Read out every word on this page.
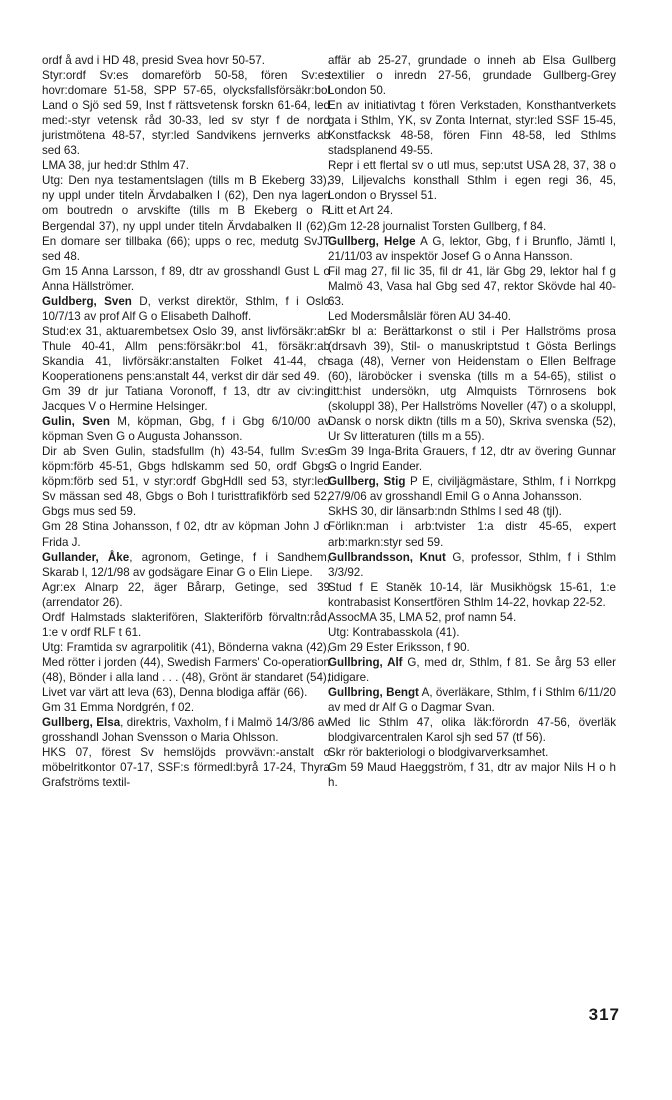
ordf å avd i HD 48, presid Svea hovr 50-57.

Styr:ordf Sv:es domareförb 50-58, fören Sv:es hovr:domare 51-58, SPP 57-65, olycksfallsförsäkr:bol Land o Sjö sed 59, Inst f rättsvetensk forskn 61-64, led med:-styr vetensk råd 30-33, led sv styr f de nord juristmötena 48-57, styr:led Sandvikens jernverks ab sed 63.

LMA 38, jur hed:dr Sthlm 47.

Utg: Den nya testamentslagen (tills m B Ekeberg 33), ny uppl under titeln Ärvdabalken I (62), Den nya lagen om boutredn o arvskifte (tills m B Ekeberg o R Bergendal 37), ny uppl under titeln Ärvdabalken II (62), En domare ser tillbaka (66); upps o rec, medutg SvJT sed 48.

Gm 15 Anna Larsson, f 89, dtr av grosshandl Gust L o Anna Hällströmer.

Guldberg, Sven D, verkst direktör, Sthlm, f i Oslo 10/7/13 av prof Alf G o Elisabeth Dalhoff.

Stud:ex 31, aktuarembetsex Oslo 39, anst livförsäkr:ab Thule 40-41, Allm pens:försäkr:bol 41, försäkr:ab Skandia 41, livförsäkr:anstalten Folket 41-44, ch Kooperationens pens:anstalt 44, verkst dir där sed 49.

Gm 39 dr jur Tatiana Voronoff, f 13, dtr av civ:ing Jacques V o Hermine Helsinger.

Gulin, Sven M, köpman, Gbg, f i Gbg 6/10/00 av köpman Sven G o Augusta Johansson.

Dir ab Sven Gulin, stadsfullm (h) 43-54, fullm Sv:es köpm:förb 45-51, Gbgs hdlskamm sed 50, ordf Gbgs köpm:förb sed 51, v styr:ordf GbgHdll sed 53, styr:led Sv mässan sed 48, Gbgs o Boh l turisttrafikförb sed 52, Gbgs mus sed 59.

Gm 28 Stina Johansson, f 02, dtr av köpman John J o Frida J.

Gullander, Åke, agronom, Getinge, f i Sandhem, Skarab l, 12/1/98 av godsägare Einar G o Elin Liepe.

Agr:ex Alnarp 22, äger Bårarp, Getinge, sed 39 (arrendator 26).

Ordf Halmstads slakterifören, Slakteriförb förvaltn:råd, 1:e v ordf RLF t 61.

Utg: Framtida sv agrarpolitik (41), Bönderna vakna (42), Med rötter i jorden (44), Swedish Farmers' Co-operation (48), Bönder i alla land . . . (48), Grönt är standaret (54), Livet var värt att leva (63), Denna blodiga affär (66).

Gm 31 Emma Nordgrén, f 02.

Gullberg, Elsa, direktris, Vaxholm, f i Malmö 14/3/86 av grosshandl Johan Svensson o Maria Ohlsson.

HKS 07, förest Sv hemslöjds provvävn:-anstalt o möbelritkontor 07-17, SSF:s förmedl:byrå 17-24, Thyra Grafströms textil-

affär ab 25-27, grundade o inneh ab Elsa Gullberg textilier o inredn 27-56, grundade Gullberg-Grey London 50.

En av initiativtag t fören Verkstaden, Konsthantverkets gata i Sthlm, YK, sv Zonta Internat, styr:led SSF 15-45, Konstfacksk 48-58, fören Finn 48-58, led Sthlms stadsplanend 49-55.

Repr i ett flertal sv o utl mus, sep:utst USA 28, 37, 38 o 39, Liljevalchs konsthall Sthlm i egen regi 36, 45, London o Bryssel 51.

Litt et Art 24.

Gm 12-28 journalist Torsten Gullberg, f 84.

Gullberg, Helge A G, lektor, Gbg, f i Brunflo, Jämtl l, 21/11/03 av inspektör Josef G o Anna Hansson.

Fil mag 27, fil lic 35, fil dr 41, lär Gbg 29, lektor hal f g Malmö 43, Vasa hal Gbg sed 47, rektor Skövde hal 40-63.

Led Modersmålslär fören AU 34-40.

Skr bl a: Berättarkonst o stil i Per Hallströms prosa (drsavh 39), Stil- o manuskriptstud t Gösta Berlings saga (48), Verner von Heidenstam o Ellen Belfrage (60), läroböcker i svenska (tills m a 54-65), stilist o litt:hist undersökn, utg Almquists Törnrosens bok (skoluppl 38), Per Hallströms Noveller (47) o a skoluppl, Dansk o norsk diktn (tills m a 50), Skriva svenska (52), Ur Sv litteraturen (tills m a 55).

Gm 39 Inga-Brita Grauers, f 12, dtr av övering Gunnar G o Ingrid Eander.

Gullberg, Stig P E, civiljägmästare, Sthlm, f i Norrkpg 27/9/06 av grosshandl Emil G o Anna Johansson.

SkHS 30, dir länsarb:ndn Sthlms l sed 48 (tjl).

Förlikn:man i arb:tvister 1:a distr 45-65, expert arb:markn:styr sed 59.

Gullbrandsson, Knut G, professor, Sthlm, f i Sthlm 3/3/92.

Stud f E Staněk 10-14, lär Musikhögsk 15-61, 1:e kontrabasist Konsertfören Sthlm 14-22, hovkap 22-52.

AssocMA 35, LMA 52, prof namn 54.

Utg: Kontrabasskola (41).

Gm 29 Ester Eriksson, f 90.

Gullbring, Alf G, med dr, Sthlm, f 81. Se årg 53 eller tidigare.

Gullbring, Bengt A, överläkare, Sthlm, f i Sthlm 6/11/20 av med dr Alf G o Dagmar Svan.

Med lic Sthlm 47, olika läk:förordn 47-56, överläk blodgivarcentralen Karol sjh sed 57 (tf 56).

Skr rör bakteriologi o blodgivarverksamhet.

Gm 59 Maud Haeggström, f 31, dtr av major Nils H o h h.

317
